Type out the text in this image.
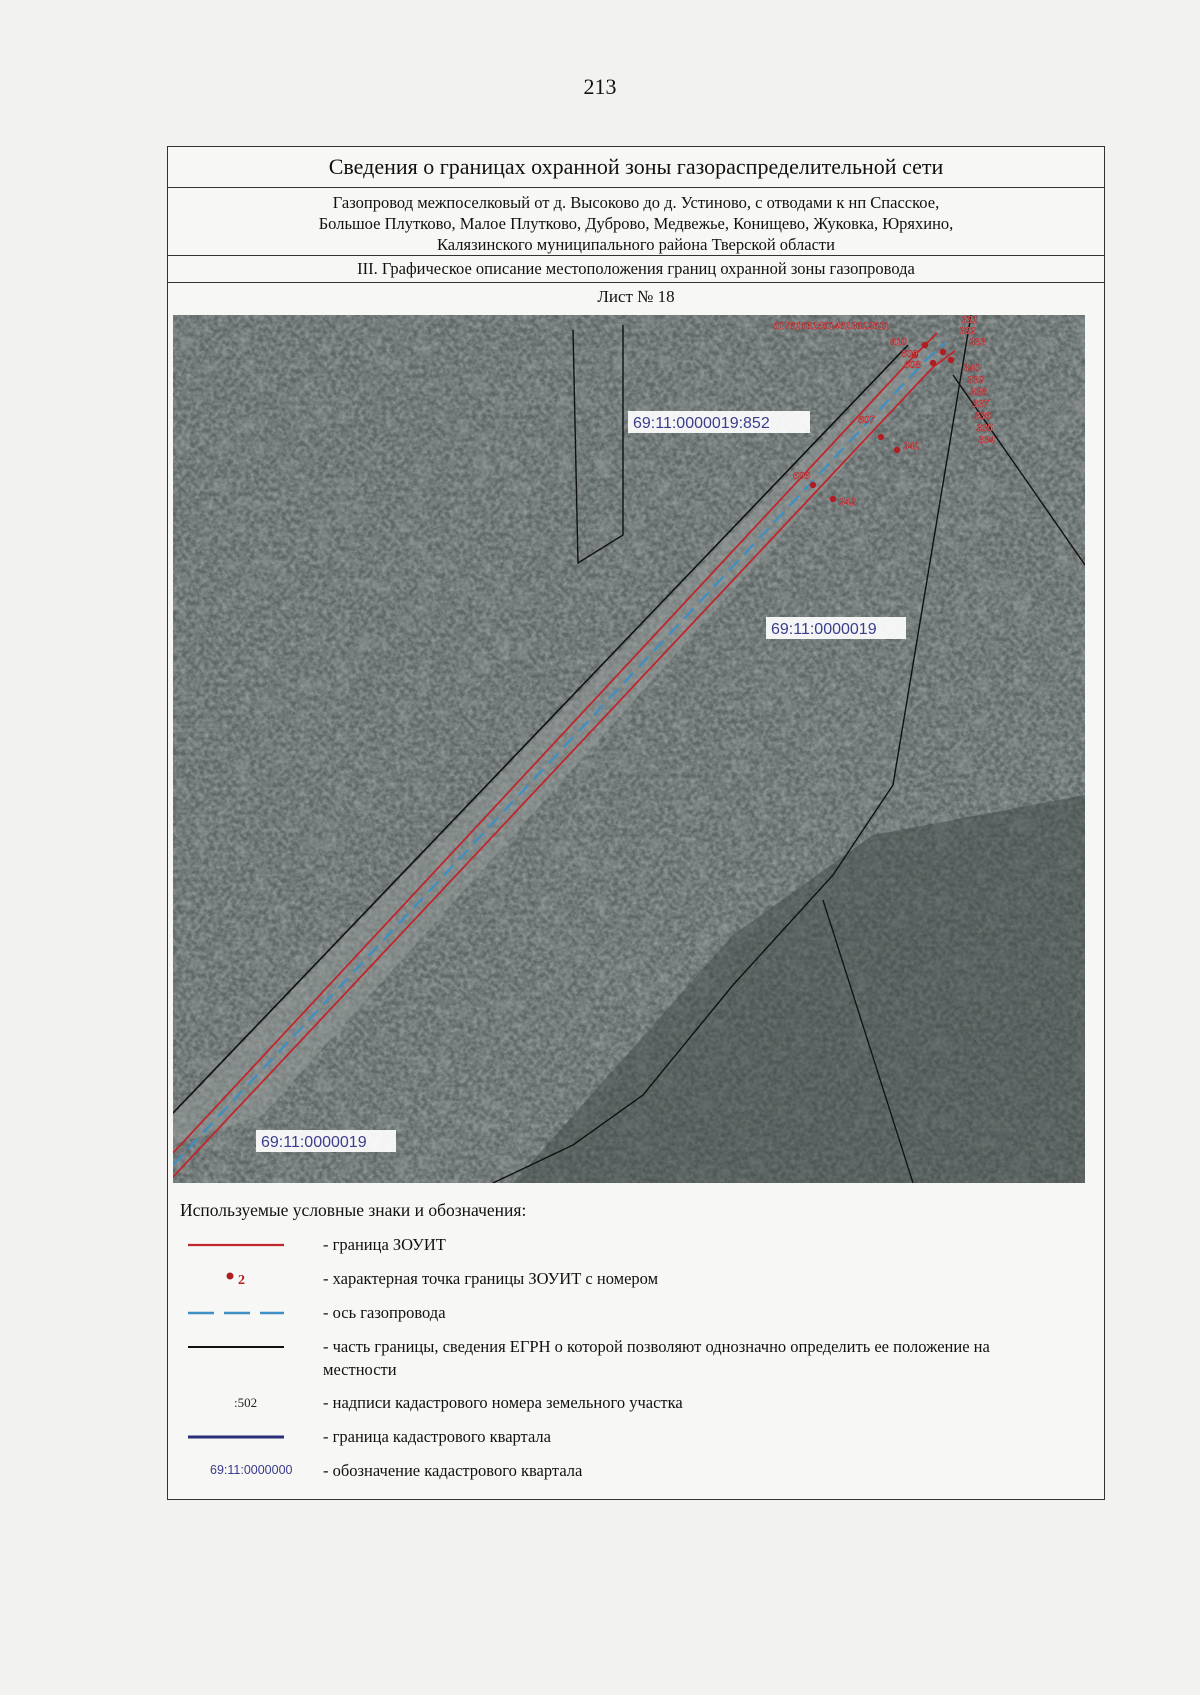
213
Сведения о границах охранной зоны газораспределительной сети
Газопровод межпоселковый от д. Высоково до д. Устиново, с отводами к нп Спасское,
Большое Плутково, Малое Плутково, Дуброво, Медвежье, Конищево, Жуковка, Юряхино,
Калязинского муниципального района Тверской области
III. Графическое описание местоположения границ охранной зоны газопровода
Лист № 18
617616615614613612611
610
609
608
607
606
331
332
333
340
339
338
337
336
335
334
341
342
69:11:0000019:852
69:11:0000019
69:11:0000019
Используемые условные знаки и обозначения:
- граница ЗОУИТ
2	- характерная точка границы ЗОУИТ с номером
- ось газопровода
- часть границы, сведения ЕГРН о которой позволяют однозначно определить ее положение на местности
:502	- надписи кадастрового номера земельного участка
- граница кадастрового квартала
69:11:0000000 - обозначение кадастрового квартала
